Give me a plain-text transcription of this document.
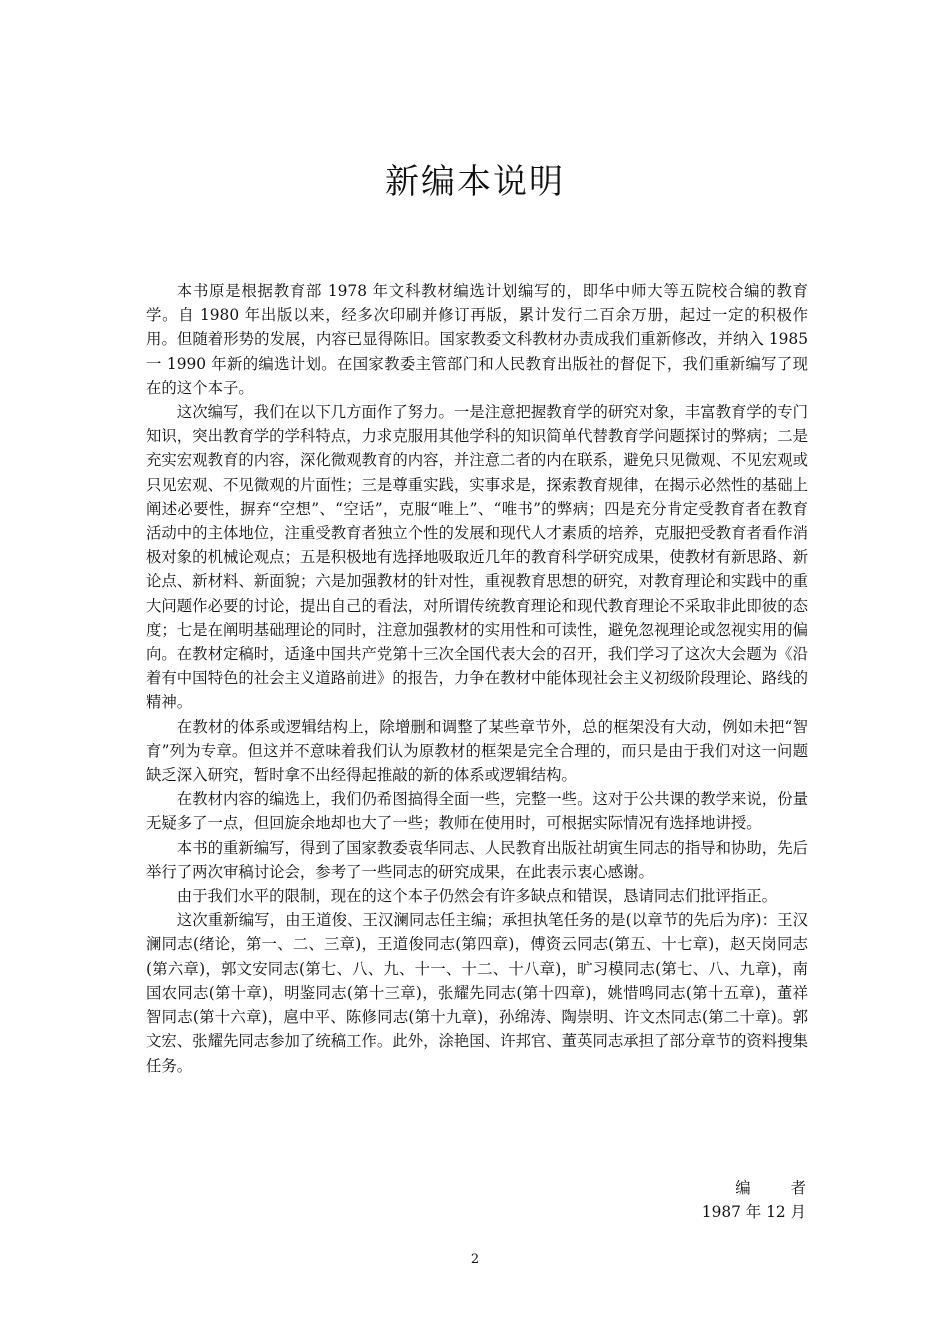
新编本说明

本书原是根据教育部 1978 年文科教材编选计划编写的，即华中师大等五院校合编的教育学。自 1980 年出版以来，经多次印刷并修订再版，累计发行二百余万册，起过一定的积极作用。但随着形势的发展，内容已显得陈旧。国家教委文科教材办责成我们重新修改，并纳入 1985 一 1990 年新的编选计划。在国家教委主管部门和人民教育出版社的督促下，我们重新编写了现在的这个本子。

这次编写，我们在以下几方面作了努力。一是注意把握教育学的研究对象，丰富教育学的专门知识，突出教育学的学科特点，力求克服用其他学科的知识简单代替教育学问题探讨的弊病；二是充实宏观教育的内容，深化微观教育的内容，并注意二者的内在联系，避免只见微观、不见宏观或只见宏观、不见微观的片面性；三是尊重实践，实事求是，探索教育规律，在揭示必然性的基础上阐述必要性，摒弃“空想”、“空话”，克服“唯上”、“唯书”的弊病；四是充分肯定受教育者在教育活动中的主体地位，注重受教育者独立个性的发展和现代人才素质的培养，克服把受教育者看作消极对象的机械论观点；五是积极地有选择地吸取近几年的教育科学研究成果，使教材有新思路、新论点、新材料、新面貌；六是加强教材的针对性，重视教育思想的研究，对教育理论和实践中的重大问题作必要的讨论，提出自己的看法，对所谓传统教育理论和现代教育理论不采取非此即彼的态度；七是在阐明基础理论的同时，注意加强教材的实用性和可读性，避免忽视理论或忽视实用的偏向。在教材定稿时，适逢中国共产党第十三次全国代表大会的召开，我们学习了这次大会题为《沿着有中国特色的社会主义道路前进》的报告，力争在教材中能体现社会主义初级阶段理论、路线的精神。

在教材的体系或逻辑结构上，除增删和调整了某些章节外，总的框架没有大动，例如未把“智育”列为专章。但这并不意味着我们认为原教材的框架是完全合理的，而只是由于我们对这一问题缺乏深入研究，暂时拿不出经得起推敲的新的体系或逻辑结构。

在教材内容的编选上，我们仍希图搞得全面一些，完整一些。这对于公共课的教学来说，份量无疑多了一点，但回旋余地却也大了一些；教师在使用时，可根据实际情况有选择地讲授。

本书的重新编写，得到了国家教委袁华同志、人民教育出版社胡寅生同志的指导和协助，先后举行了两次审稿讨论会，参考了一些同志的研究成果，在此表示衷心感谢。

由于我们水平的限制，现在的这个本子仍然会有许多缺点和错误，恳请同志们批评指正。

这次重新编写，由王道俊、王汉澜同志任主编；承担执笔任务的是(以章节的先后为序)：王汉澜同志(绪论，第一、二、三章)，王道俊同志(第四章)，傅资云同志(第五、十七章)，赵天岗同志(第六章)，郭文安同志(第七、八、九、十一、十二、十八章)，旷习模同志(第七、八、九章)，南国农同志(第十章)，明鉴同志(第十三章)，张耀先同志(第十四章)，姚惜鸣同志(第十五章)，董祥智同志(第十六章)，扈中平、陈修同志(第十九章)，孙绵涛、陶崇明、许文杰同志(第二十章)。郭文宏、张耀先同志参加了统稿工作。此外，涂艳国、许邦官、董英同志承担了部分章节的资料搜集任务。

编者
1987 年 12 月
2
